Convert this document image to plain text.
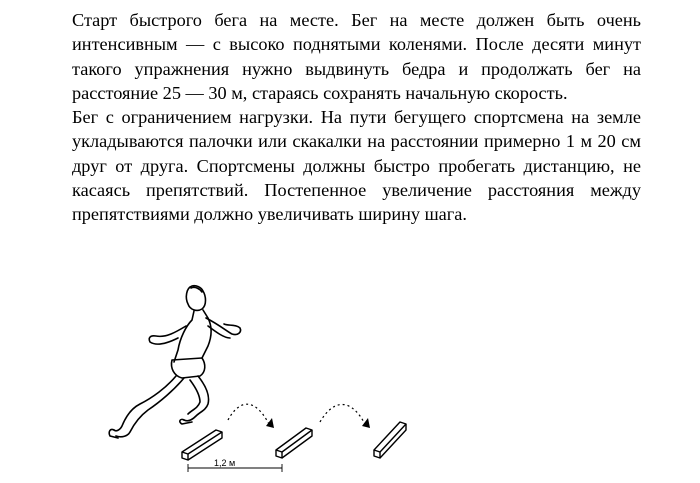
Старт быстрого бега на месте. Бег на месте должен быть очень интенсивным — с высоко поднятыми коленями. После десяти минут такого упражнения нужно выдвинуть бедра и продолжать бег на расстояние 25 — 30 м, стараясь сохранять начальную скорость.

Бег с ограничением нагрузки. На пути бегущего спортсмена на земле укладываются палочки или скакалки на расстоянии примерно 1 м 20 см друг от друга. Спортсмены должны быстро пробегать дистанцию, не касаясь препятствий. Постепенное увеличение расстояния между препятствиями должно увеличивать ширину шага.

1,2 м
